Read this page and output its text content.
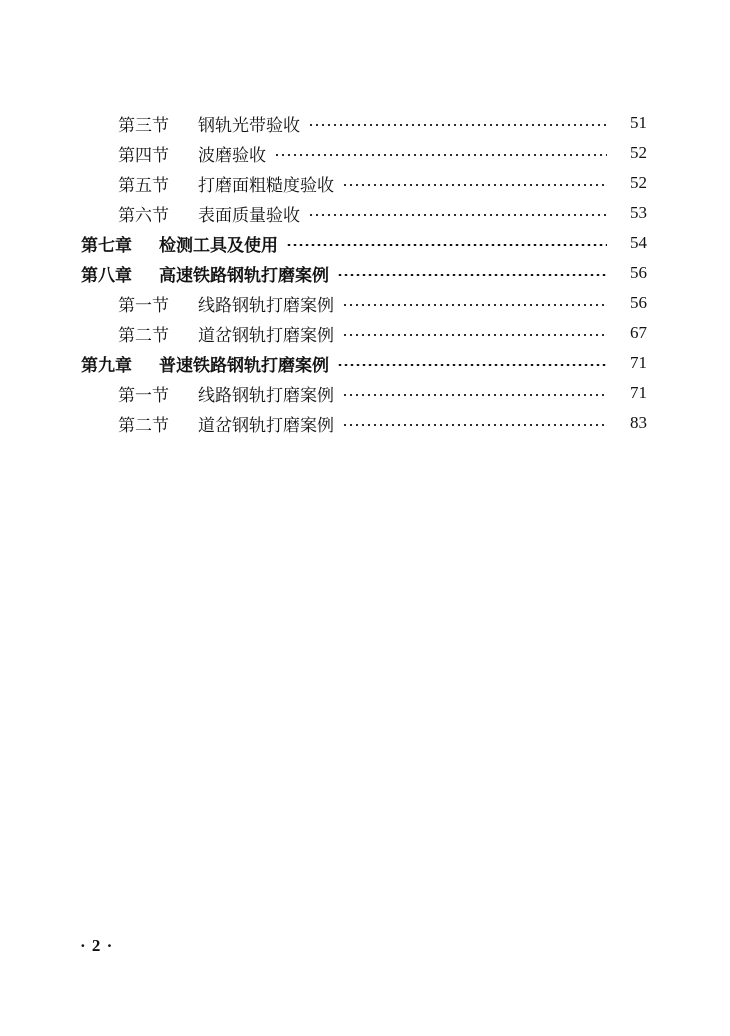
第三节	钢轨光带验收	51
第四节	波磨验收	52
第五节	打磨面粗糙度验收	52
第六节	表面质量验收	53
第七章	检测工具及使用	54
第八章	高速铁路钢轨打磨案例	56
第一节	线路钢轨打磨案例	56
第二节	道岔钢轨打磨案例	67
第九章	普速铁路钢轨打磨案例	71
第一节	线路钢轨打磨案例	71
第二节	道岔钢轨打磨案例	83
· 2 ·
